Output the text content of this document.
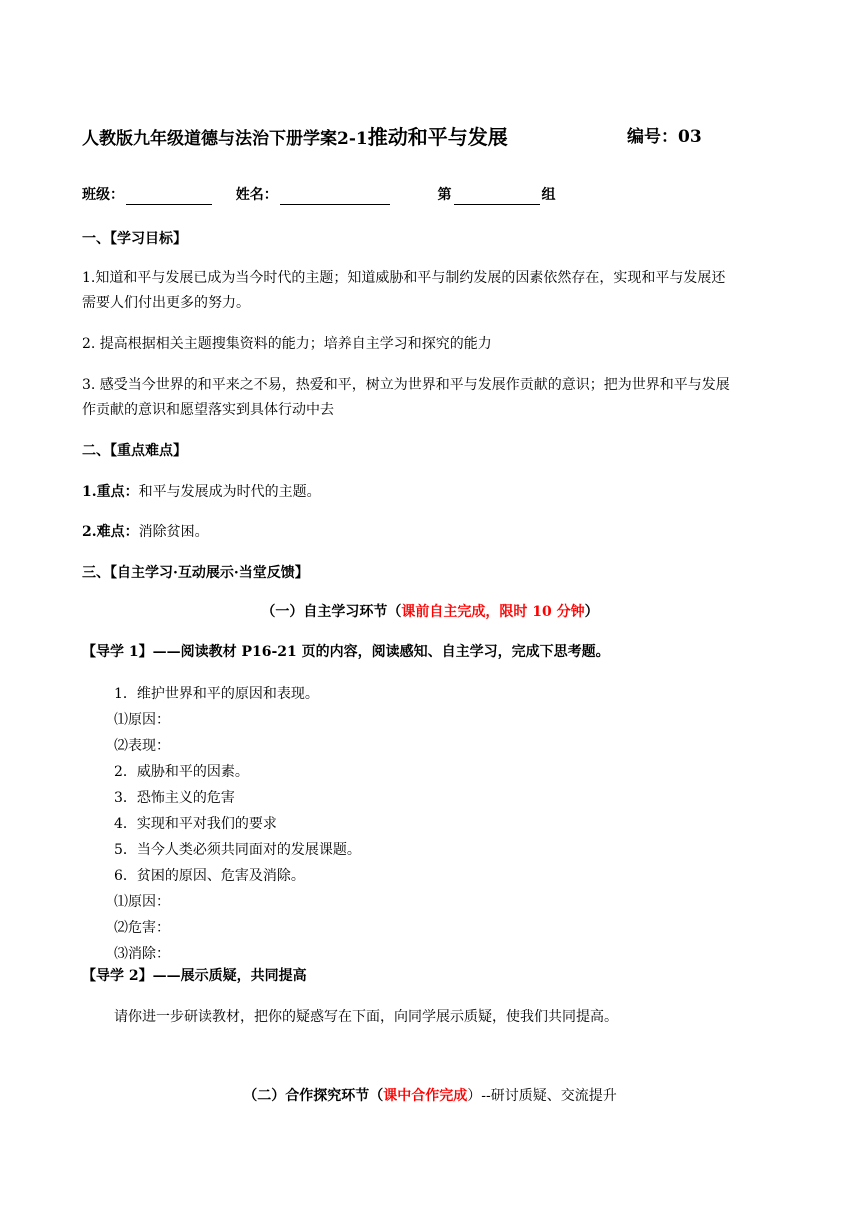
人教版九年级道德与法治下册学案2-1推动和平与发展	编号：03
班级：	姓名：	第	组
一、【学习目标】
1.知道和平与发展已成为当今时代的主题；知道威胁和平与制约发展的因素依然存在，实现和平与发展还
需要人们付出更多的努力。
2. 提高根据相关主题搜集资料的能力；培养自主学习和探究的能力
3. 感受当今世界的和平来之不易，热爱和平，树立为世界和平与发展作贡献的意识；把为世界和平与发展
作贡献的意识和愿望落实到具体行动中去
二、【重点难点】
1.重点：和平与发展成为时代的主题。
2.难点：消除贫困。
三、【自主学习·互动展示·当堂反馈】
（一）自主学习环节（课前自主完成，限时 10 分钟）
【导学 1】——阅读教材 P16-21 页的内容，阅读感知、自主学习，完成下思考题。
1．维护世界和平的原因和表现。
⑴原因：
⑵表现：
2．威胁和平的因素。
3．恐怖主义的危害
4．实现和平对我们的要求
5．当今人类必须共同面对的发展课题。
6．贫困的原因、危害及消除。
⑴原因：
⑵危害：
⑶消除：
【导学 2】——展示质疑，共同提高
请你进一步研读教材，把你的疑惑写在下面，向同学展示质疑，使我们共同提高。
（二）合作探究环节（课中合作完成）--研讨质疑、交流提升
